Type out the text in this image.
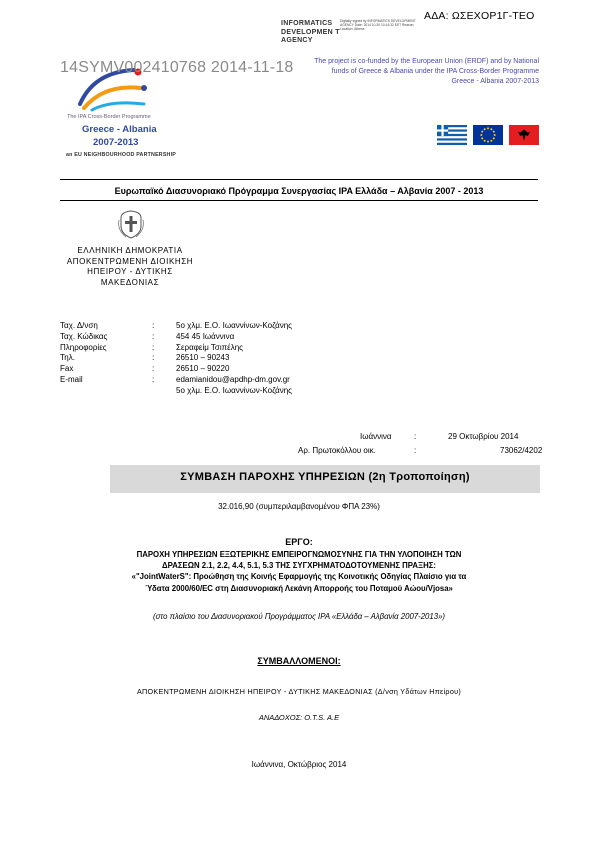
ΑΔΑ: ΩΣΕΧΟΡ1Γ-ΤΕΟ
INFORMATICS DEVELOPMEN T AGENCY
Digitally signed by INFORMATICS DEVELOPMENT AGENCY Date: 2014.10.30 10:14:32 EET Reason: Location: Athens
The project is co-funded by the European Union (ERDF) and by National funds of Greece & Albania under the IPA Cross-Border Programme Greece - Albania 2007-2013
14SYMV002410768 2014-11-18
The IPA Cross-Border Programme
Greece - Albania
2007-2013
an EU NEIGHBOURHOOD PARTNERSHIP
Ευρωπαϊκό Διασυνοριακό Πρόγραμμα Συνεργασίας IPA Ελλάδα – Αλβανία 2007 - 2013
ΕΛΛΗΝΙΚΗ ΔΗΜΟΚΡΑΤΙΑ
ΑΠΟΚΕΝΤΡΩΜΕΝΗ ΔΙΟΙΚΗΣΗ
ΗΠΕΙΡΟΥ - ΔΥΤΙΚΗΣ
ΜΑΚΕΔΟΝΙΑΣ
Ταχ. Δ/νση	:	5ο χλμ. Ε.Ο. Ιωαννίνων-Κοζάνης
Ταχ. Κώδικας	:	454 45 Ιωάννινα
Πληροφορίες	:	Σεραφείμ Τσιπέλης
Τηλ.	:	26510 – 90243
Fax	:	26510 – 90220
E-mail	:	edamianidou@apdhp-dm.gov.gr
5ο χλμ. Ε.Ο. Ιωαννίνων-Κοζάνης
Ιωάννινα	:	29 Οκτωβρίου 2014
Αρ. Πρωτοκόλλου οικ.	:	73062/4202
ΣΥΜΒΑΣΗ ΠΑΡΟΧΗΣ ΥΠΗΡΕΣΙΩΝ (2η Τροποποίηση)
32.016,90 (συμπεριλαμβανομένου ΦΠΑ 23%)
ΕΡΓΟ:
ΠΑΡΟΧΗ ΥΠΗΡΕΣΙΩΝ ΕΞΩΤΕΡΙΚΗΣ ΕΜΠΕΙΡΟΓΝΩΜΟΣΥΝΗΣ ΓΙΑ ΤΗΝ ΥΛΟΠΟΙΗΣΗ ΤΩΝ
ΔΡΑΣΕΩΝ 2.1, 2.2, 4.4, 5.1, 5.3 ΤΗΣ ΣΥΓΧΡΗΜΑΤΟΔΟΤΟΥΜΕΝΗΣ ΠΡΑΞΗΣ:
«"JointWaterS": Προώθηση της Κοινής Εφαρμογής της Κοινοτικής Οδηγίας Πλαίσιο για τα
Ύδατα 2000/60/EC στη Διασυνοριακή Λεκάνη Απορροής του Ποταμού Αώου/Vjosa»
(στο πλαίσιο του Διασυνοριακού Προγράμματος IPA «Ελλάδα – Αλβανία 2007-2013»)
ΣΥΜΒΑΛΛΟΜΕΝΟΙ:
ΑΠΟΚΕΝΤΡΩΜΕΝΗ ΔΙΟΙΚΗΣΗ ΗΠΕΙΡΟΥ - ΔΥΤΙΚΗΣ ΜΑΚΕΔΟΝΙΑΣ (Δ/νση Υδάτων Ηπείρου)
ΑΝΑΔΟΧΟΣ: O.T.S. A.E
Ιωάννινα, Οκτώβριος 2014
